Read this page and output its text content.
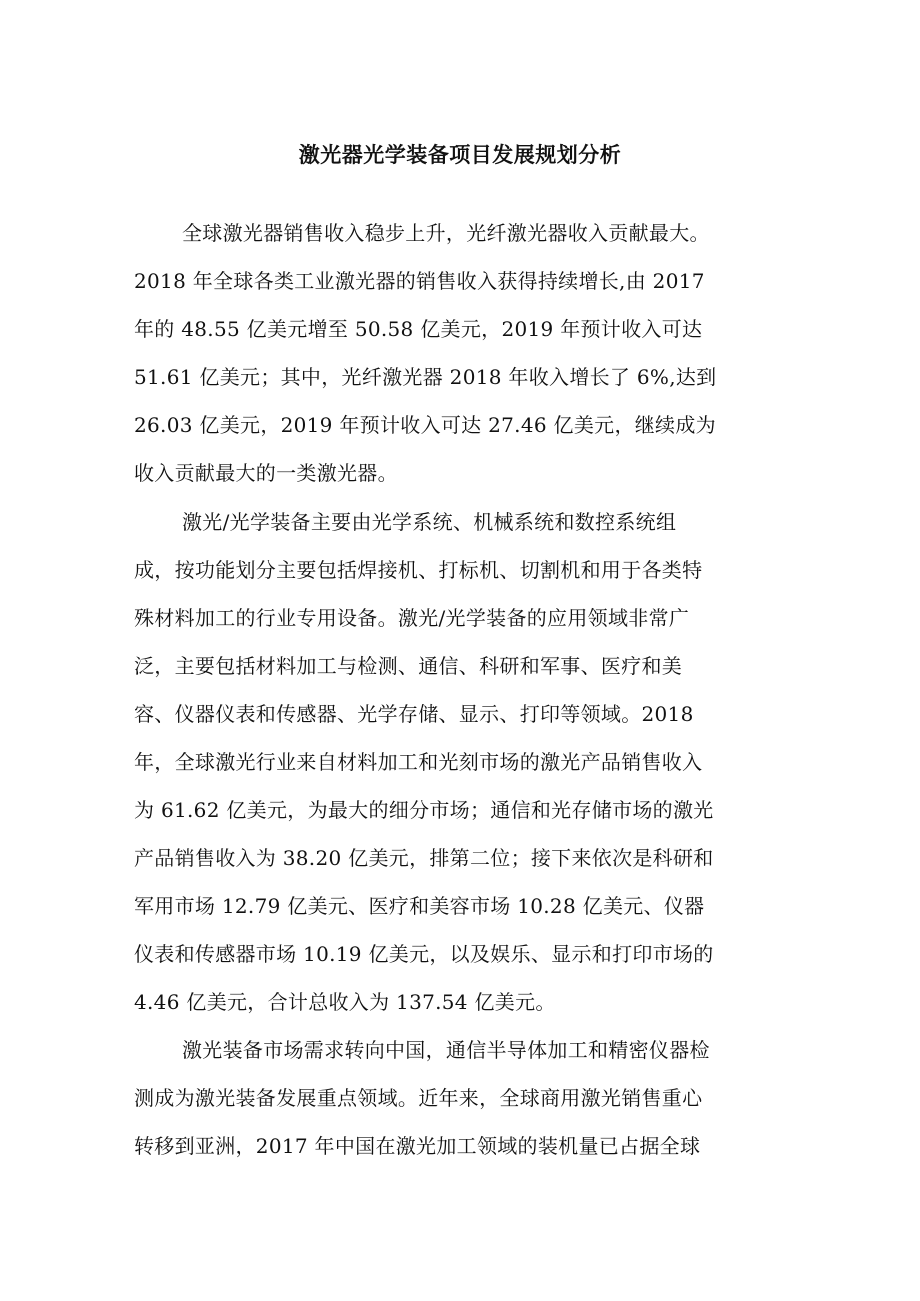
激光器光学装备项目发展规划分析
全球激光器销售收入稳步上升，光纤激光器收入贡献最大。
2018 年全球各类工业激光器的销售收入获得持续增长,由 2017
年的 48.55 亿美元增至 50.58 亿美元，2019 年预计收入可达
51.61 亿美元；其中，光纤激光器 2018 年收入增长了 6%,达到
26.03 亿美元，2019 年预计收入可达 27.46 亿美元，继续成为
收入贡献最大的一类激光器。
激光/光学装备主要由光学系统、机械系统和数控系统组
成，按功能划分主要包括焊接机、打标机、切割机和用于各类特
殊材料加工的行业专用设备。激光/光学装备的应用领域非常广
泛，主要包括材料加工与检测、通信、科研和军事、医疗和美
容、仪器仪表和传感器、光学存储、显示、打印等领域。2018
年，全球激光行业来自材料加工和光刻市场的激光产品销售收入
为 61.62 亿美元，为最大的细分市场；通信和光存储市场的激光
产品销售收入为 38.20 亿美元，排第二位；接下来依次是科研和
军用市场 12.79 亿美元、医疗和美容市场 10.28 亿美元、仪器
仪表和传感器市场 10.19 亿美元，以及娱乐、显示和打印市场的
4.46 亿美元，合计总收入为 137.54 亿美元。
激光装备市场需求转向中国，通信半导体加工和精密仪器检
测成为激光装备发展重点领域。近年来，全球商用激光销售重心
转移到亚洲，2017 年中国在激光加工领域的装机量已占据全球
